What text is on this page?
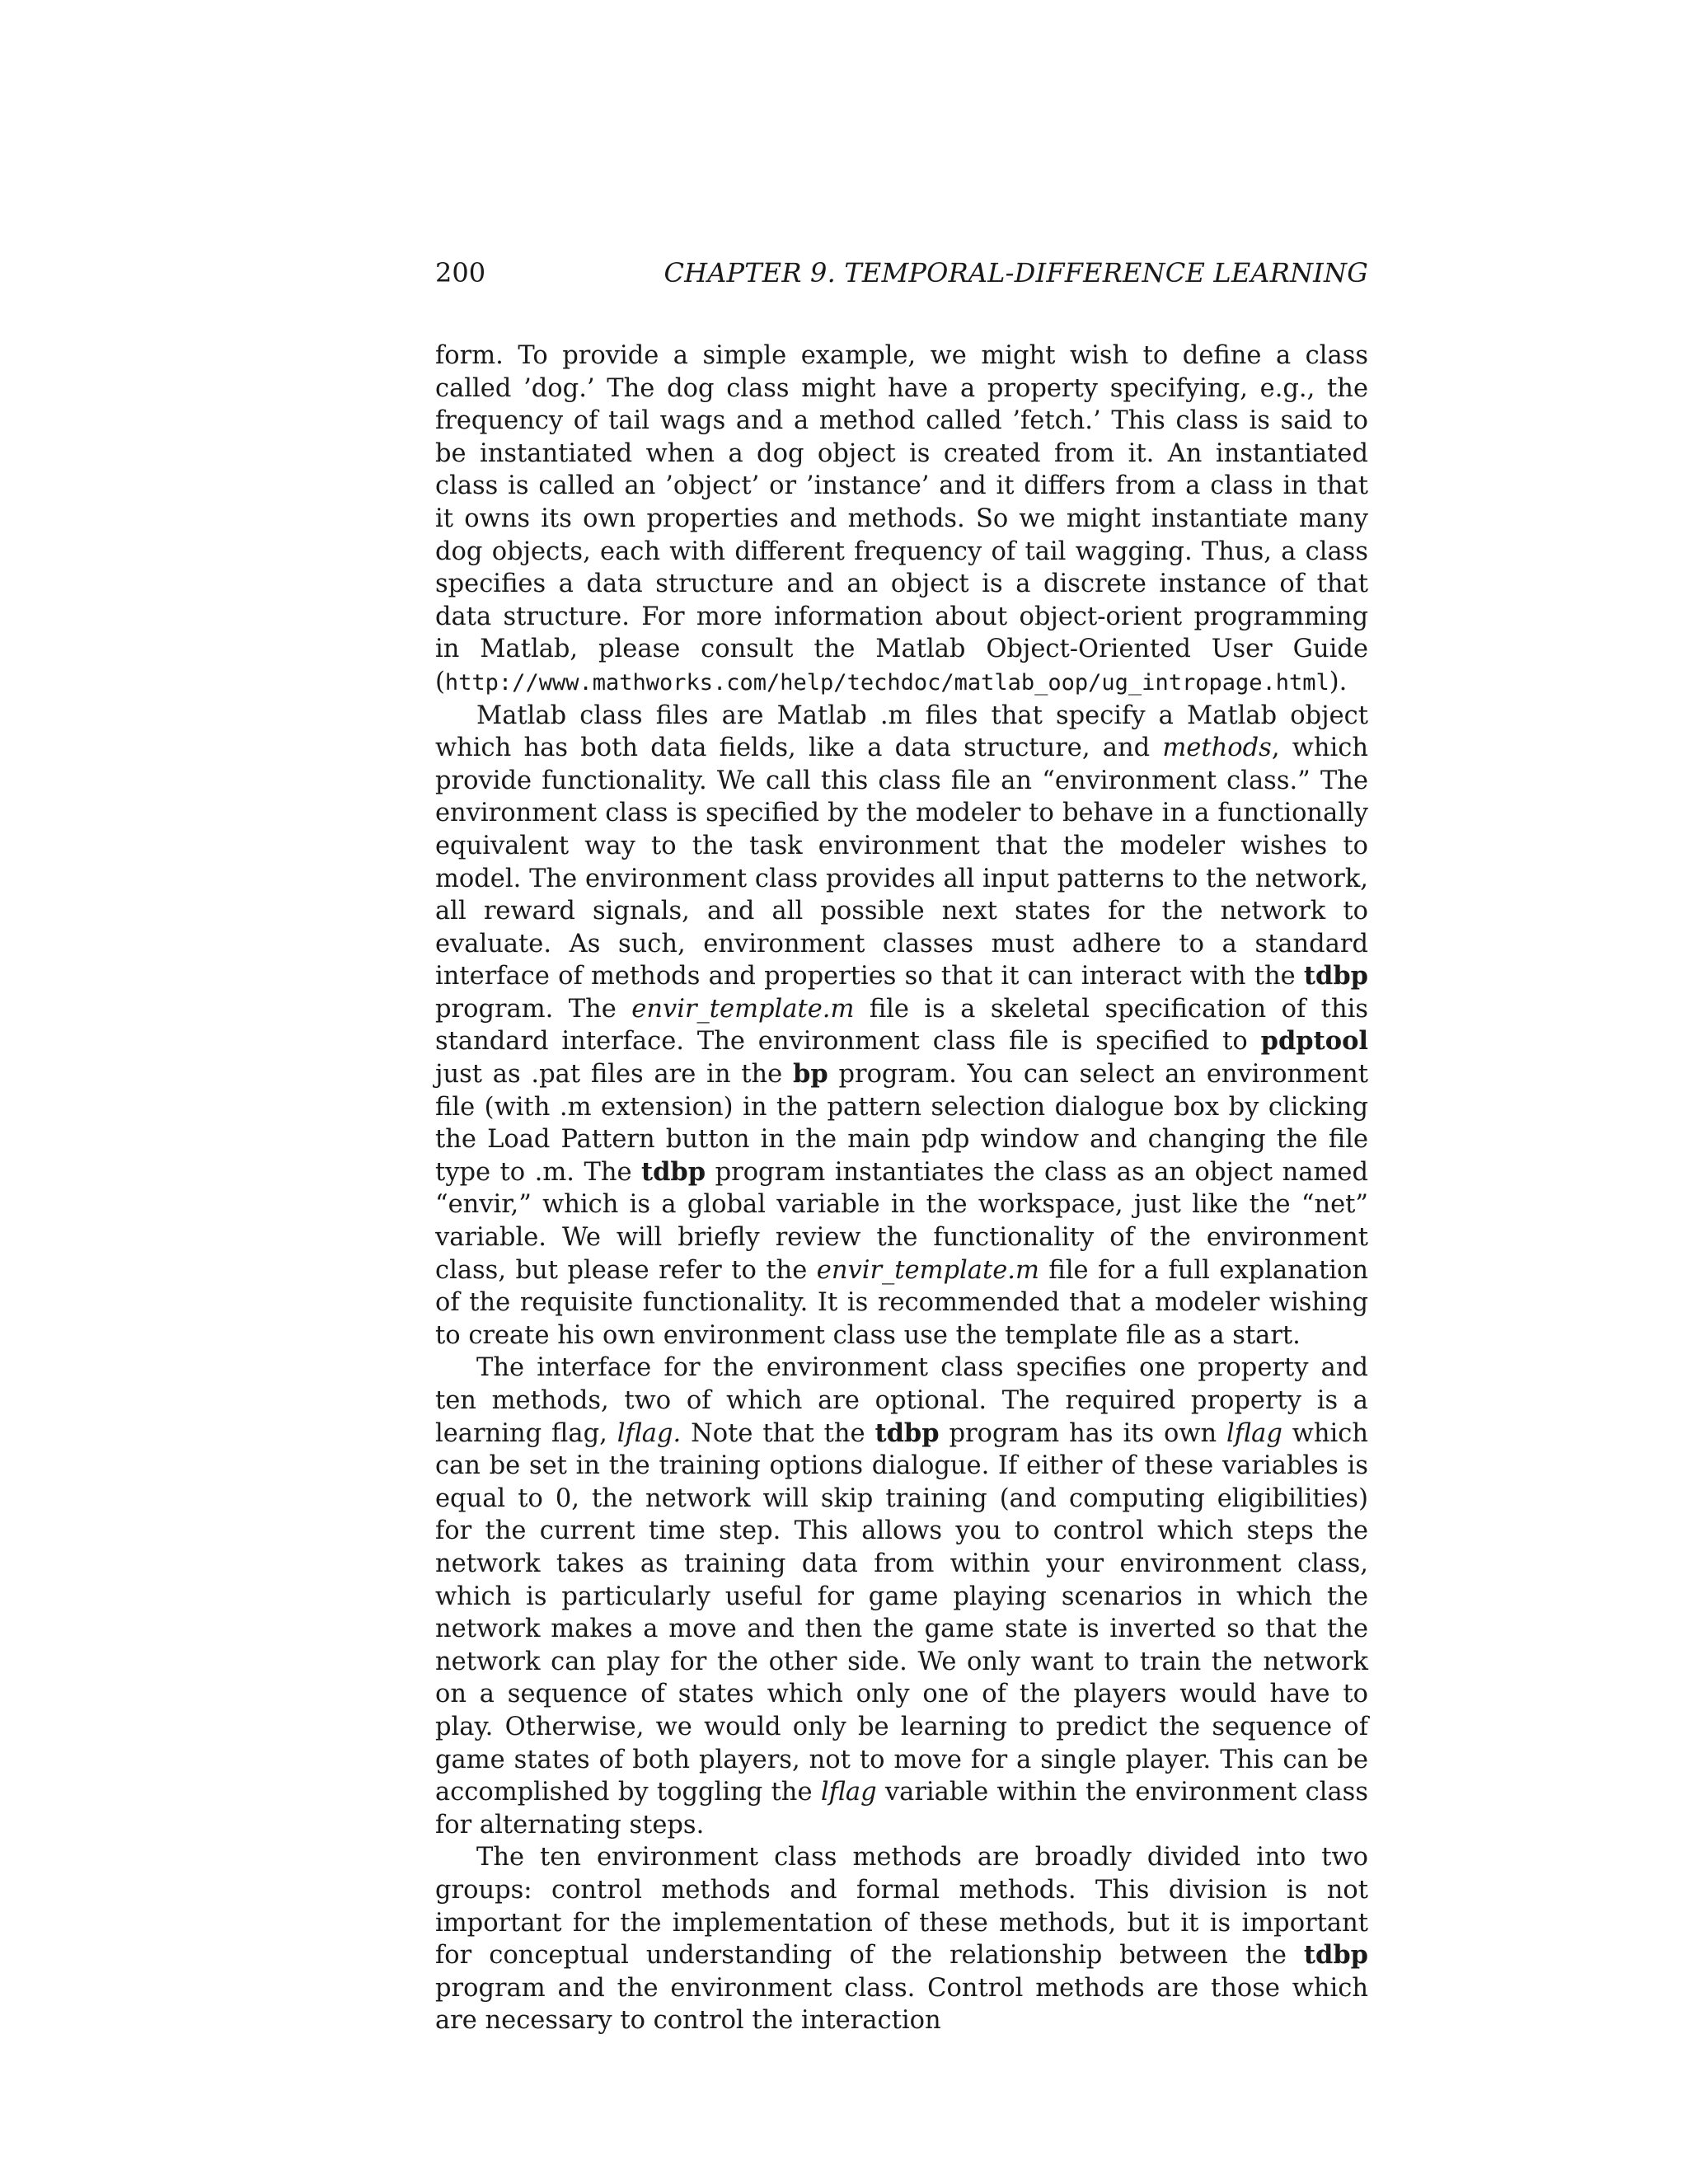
200	CHAPTER 9. TEMPORAL-DIFFERENCE LEARNING

form. To provide a simple example, we might wish to define a class called ’dog.’ The dog class might have a property specifying, e.g., the frequency of tail wags and a method called ’fetch.’ This class is said to be instantiated when a dog object is created from it. An instantiated class is called an ’object’ or ’instance’ and it differs from a class in that it owns its own properties and methods. So we might instantiate many dog objects, each with different frequency of tail wagging. Thus, a class specifies a data structure and an object is a discrete instance of that data structure. For more information about object-orient programming in Matlab, please consult the Matlab Object-Oriented User Guide (http://www.mathworks.com/help/techdoc/matlab_oop/ug_intropage.html).

Matlab class files are Matlab .m files that specify a Matlab object which has both data fields, like a data structure, and methods, which provide functionality. We call this class file an “environment class.” The environment class is specified by the modeler to behave in a functionally equivalent way to the task environment that the modeler wishes to model. The environment class provides all input patterns to the network, all reward signals, and all possible next states for the network to evaluate. As such, environment classes must adhere to a standard interface of methods and properties so that it can interact with the tdbp program. The envir_template.m file is a skeletal specification of this standard interface. The environment class file is specified to pdptool just as .pat files are in the bp program. You can select an environment file (with .m extension) in the pattern selection dialogue box by clicking the Load Pattern button in the main pdp window and changing the file type to .m. The tdbp program instantiates the class as an object named “envir,” which is a global variable in the workspace, just like the “net” variable. We will briefly review the functionality of the environment class, but please refer to the envir_template.m file for a full explanation of the requisite functionality. It is recommended that a modeler wishing to create his own environment class use the template file as a start.

The interface for the environment class specifies one property and ten methods, two of which are optional. The required property is a learning flag, lflag. Note that the tdbp program has its own lflag which can be set in the training options dialogue. If either of these variables is equal to 0, the network will skip training (and computing eligibilities) for the current time step. This allows you to control which steps the network takes as training data from within your environment class, which is particularly useful for game playing scenarios in which the network makes a move and then the game state is inverted so that the network can play for the other side. We only want to train the network on a sequence of states which only one of the players would have to play. Otherwise, we would only be learning to predict the sequence of game states of both players, not to move for a single player. This can be accomplished by toggling the lflag variable within the environment class for alternating steps.

The ten environment class methods are broadly divided into two groups: control methods and formal methods. This division is not important for the implementation of these methods, but it is important for conceptual understanding of the relationship between the tdbp program and the environment class. Control methods are those which are necessary to control the interaction
